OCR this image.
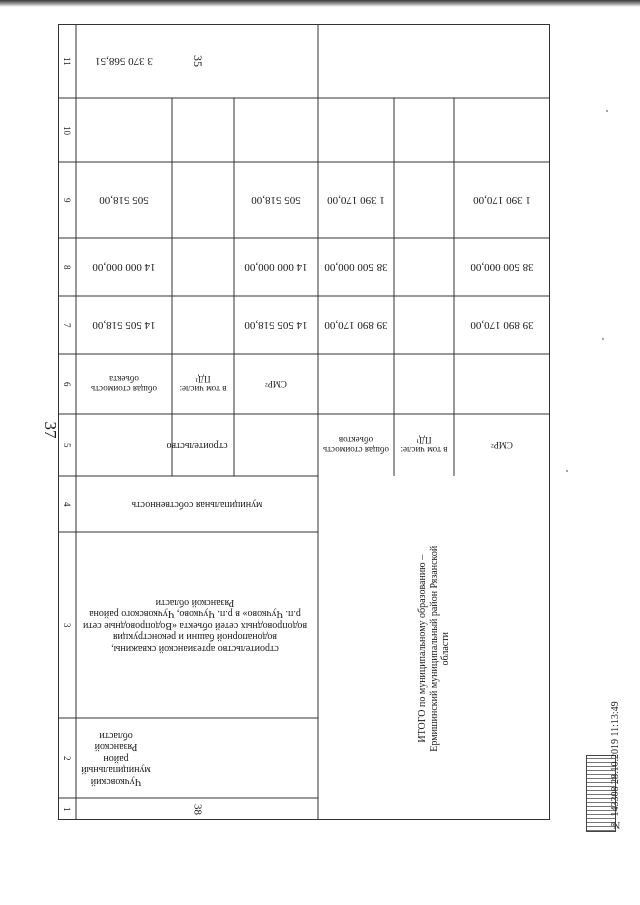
37
1
2
3
4
5
6
7
8
9
10
11
38
Чучковский муниципальный район Рязанской области
строительство артезианской скважины, водонапорной башни и реконструкция водопроводных сетей объекта «Водопроводные сети р.п. Чучково» в р.п. Чучково, Чучковского района Рязанской области
муниципальная собственность
строительство
35
общая стоимость объекта
в том числе: ПД¹
СМР²
14 505 518,00
14 000 000,00
505 518,00
3 370 568,51
14 505 518,00
14 000 000,00
505 518,00
ИТОГО по муниципальному образованию – Ермишинский муниципальный район Рязанской области
общая стоимость объектов
в том числе: ПД¹
СМР²
39 890 170,00
38 500 000,00
1 390 170,00
39 890 170,00
38 500 000,00
1 390 170,00
№ 143308 28.10.2019 11:13:49
